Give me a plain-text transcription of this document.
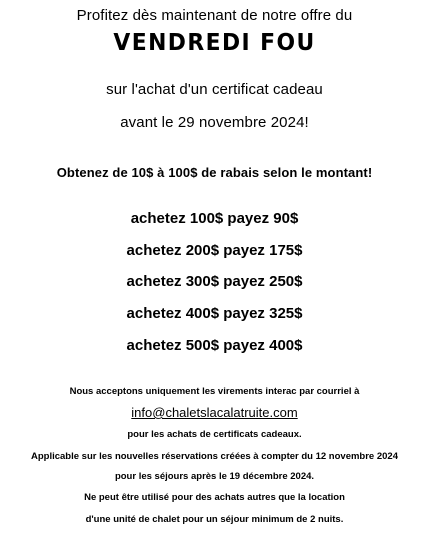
Profitez dès maintenant de notre offre du
VENDREDI FOU
sur l'achat d'un certificat cadeau
avant le 29 novembre 2024!
Obtenez de 10$ à 100$ de rabais selon le montant!
achetez 100$ payez 90$
achetez 200$ payez 175$
achetez 300$ payez 250$
achetez 400$ payez 325$
achetez 500$ payez 400$
Nous acceptons uniquement les virements interac par courriel à
info@chaletslacalatruite.com
pour les achats de certificats cadeaux.
Applicable sur les nouvelles réservations créées à compter du 12 novembre 2024
pour les séjours après le 19 décembre 2024.
Ne peut être utilisé pour des achats autres que la location
d'une unité de chalet pour un séjour minimum de 2 nuits.
